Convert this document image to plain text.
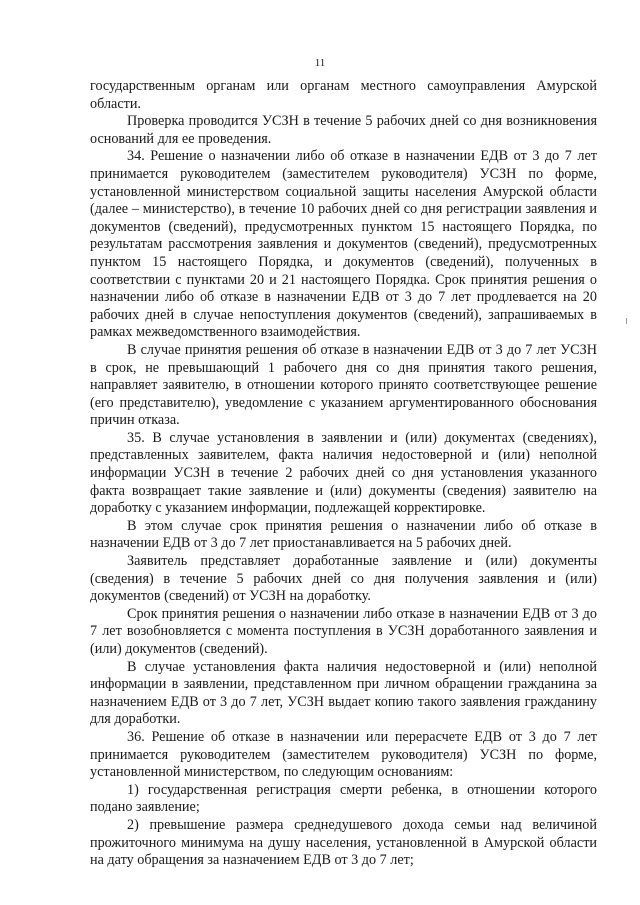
11

государственным органам или органам местного самоуправления Амурской области.

Проверка проводится УСЗН в течение 5 рабочих дней со дня возникновения оснований для ее проведения.

34. Решение о назначении либо об отказе в назначении ЕДВ от 3 до 7 лет принимается руководителем (заместителем руководителя) УСЗН по форме, установленной министерством социальной защиты населения Амурской области (далее – министерство), в течение 10 рабочих дней со дня регистрации заявления и документов (сведений), предусмотренных пунктом 15 настоящего Порядка, по результатам рассмотрения заявления и документов (сведений), предусмотренных пунктом 15 настоящего Порядка, и документов (сведений), полученных в соответствии с пунктами 20 и 21 настоящего Порядка. Срок принятия решения о назначении либо об отказе в назначении ЕДВ от 3 до 7 лет продлевается на 20 рабочих дней в случае непоступления документов (сведений), запрашиваемых в рамках межведомственного взаимодействия.

В случае принятия решения об отказе в назначении ЕДВ от 3 до 7 лет УСЗН в срок, не превышающий 1 рабочего дня со дня принятия такого решения, направляет заявителю, в отношении которого принято соответствующее решение (его представителю), уведомление с указанием аргументированного обоснования причин отказа.

35. В случае установления в заявлении и (или) документах (сведениях), представленных заявителем, факта наличия недостоверной и (или) неполной информации УСЗН в течение 2 рабочих дней со дня установления указанного факта возвращает такие заявление и (или) документы (сведения) заявителю на доработку с указанием информации, подлежащей корректировке.

В этом случае срок принятия решения о назначении либо об отказе в назначении ЕДВ от 3 до 7 лет приостанавливается на 5 рабочих дней.

Заявитель представляет доработанные заявление и (или) документы (сведения) в течение 5 рабочих дней со дня получения заявления и (или) документов (сведений) от УСЗН на доработку.

Срок принятия решения о назначении либо отказе в назначении ЕДВ от 3 до 7 лет возобновляется с момента поступления в УСЗН доработанного заявления и (или) документов (сведений).

В случае установления факта наличия недостоверной и (или) неполной информации в заявлении, представленном при личном обращении гражданина за назначением ЕДВ от 3 до 7 лет, УСЗН выдает копию такого заявления гражданину для доработки.

36. Решение об отказе в назначении или перерасчете ЕДВ от 3 до 7 лет принимается руководителем (заместителем руководителя) УСЗН по форме, установленной министерством, по следующим основаниям:

1) государственная регистрация смерти ребенка, в отношении которого подано заявление;

2) превышение размера среднедушевого дохода семьи над величиной прожиточного минимума на душу населения, установленной в Амурской области на дату обращения за назначением ЕДВ от 3 до 7 лет;
